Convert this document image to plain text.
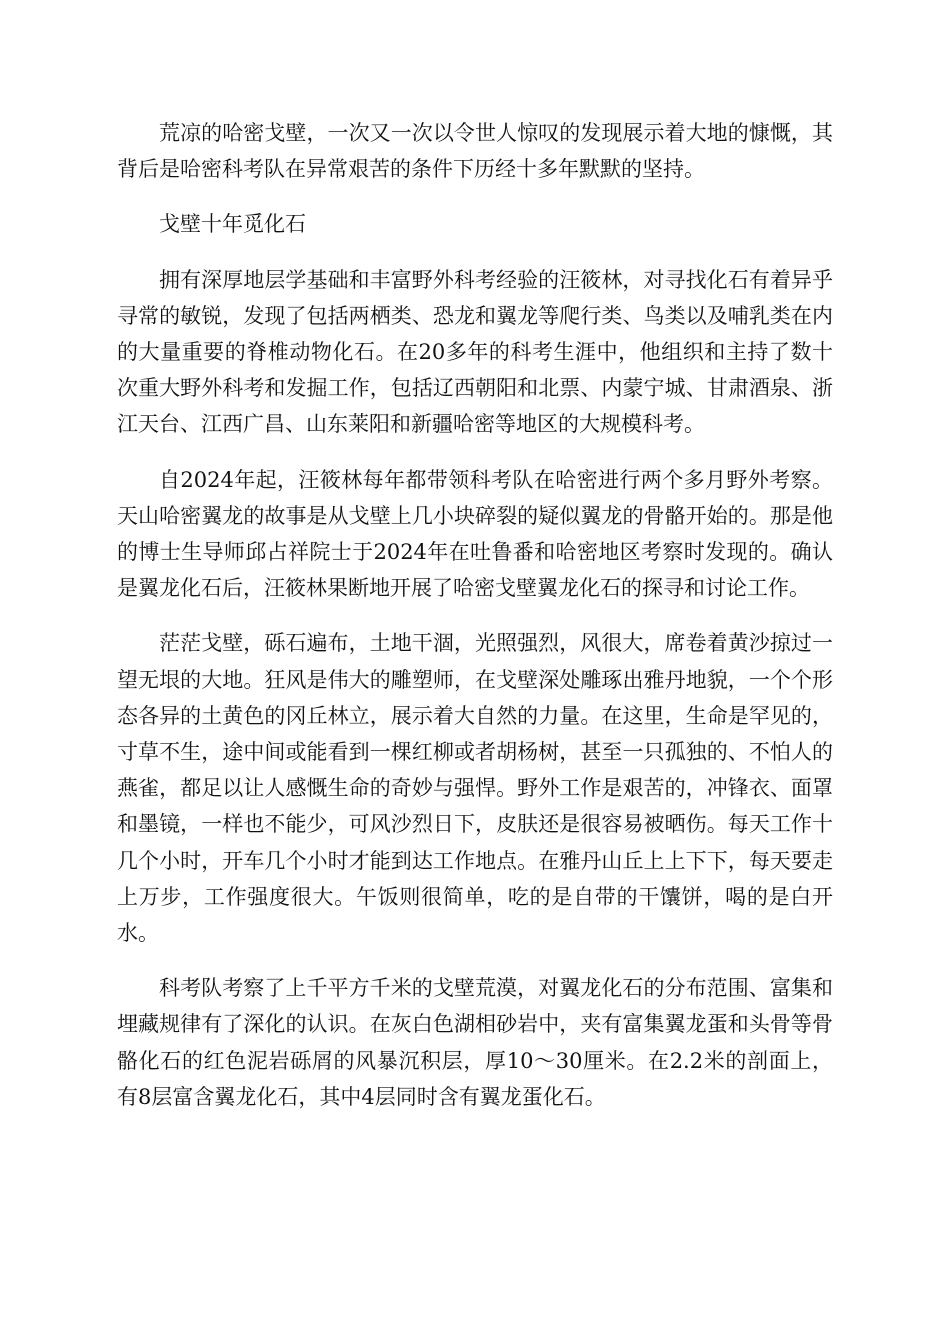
荒凉的哈密戈壁，一次又一次以令世人惊叹的发现展示着大地的慷慨，其背后是哈密科考队在异常艰苦的条件下历经十多年默默的坚持。

戈壁十年觅化石

拥有深厚地层学基础和丰富野外科考经验的汪筱林，对寻找化石有着异乎寻常的敏锐，发现了包括两栖类、恐龙和翼龙等爬行类、鸟类以及哺乳类在内的大量重要的脊椎动物化石。在20多年的科考生涯中，他组织和主持了数十次重大野外科考和发掘工作，包括辽西朝阳和北票、内蒙宁城、甘肃酒泉、浙江天台、江西广昌、山东莱阳和新疆哈密等地区的大规模科考。

自2024年起，汪筱林每年都带领科考队在哈密进行两个多月野外考察。天山哈密翼龙的故事是从戈壁上几小块碎裂的疑似翼龙的骨骼开始的。那是他的博士生导师邱占祥院士于2024年在吐鲁番和哈密地区考察时发现的。确认是翼龙化石后，汪筱林果断地开展了哈密戈壁翼龙化石的探寻和讨论工作。

茫茫戈壁，砾石遍布，土地干涸，光照强烈，风很大，席卷着黄沙掠过一望无垠的大地。狂风是伟大的雕塑师，在戈壁深处雕琢出雅丹地貌，一个个形态各异的土黄色的冈丘林立，展示着大自然的力量。在这里，生命是罕见的，寸草不生，途中间或能看到一棵红柳或者胡杨树，甚至一只孤独的、不怕人的燕雀，都足以让人感慨生命的奇妙与强悍。野外工作是艰苦的，冲锋衣、面罩和墨镜，一样也不能少，可风沙烈日下，皮肤还是很容易被晒伤。每天工作十几个小时，开车几个小时才能到达工作地点。在雅丹山丘上上下下，每天要走上万步，工作强度很大。午饭则很简单，吃的是自带的干馕饼，喝的是白开水。

科考队考察了上千平方千米的戈壁荒漠，对翼龙化石的分布范围、富集和埋藏规律有了深化的认识。在灰白色湖相砂岩中，夹有富集翼龙蛋和头骨等骨骼化石的红色泥岩砾屑的风暴沉积层，厚10～30厘米。在2.2米的剖面上，有8层富含翼龙化石，其中4层同时含有翼龙蛋化石。
